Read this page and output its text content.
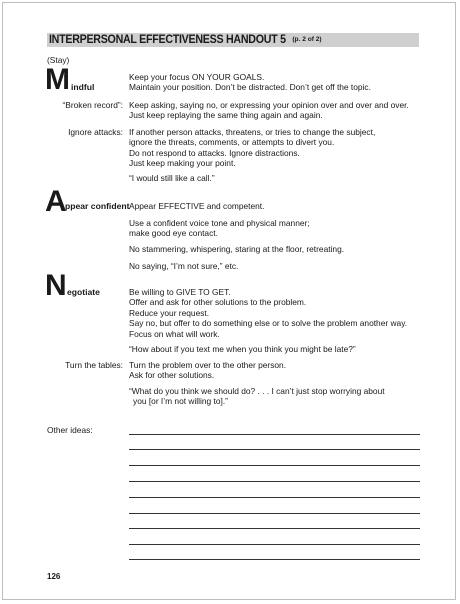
INTERPERSONAL EFFECTIVENESS HANDOUT 5 (p. 2 of 2)
(Stay)
M indful
Keep your focus ON YOUR GOALS.
Maintain your position. Don’t be distracted. Don’t get off the topic.
“Broken record”: Keep asking, saying no, or expressing your opinion over and over and over.
Just keep replaying the same thing again and again.
Ignore attacks: If another person attacks, threatens, or tries to change the subject,
ignore the threats, comments, or attempts to divert you.
Do not respond to attacks. Ignore distractions.
Just keep making your point.
“I would still like a call.”
A ppear confident Appear EFFECTIVE and competent.
Use a confident voice tone and physical manner;
make good eye contact.
No stammering, whispering, staring at the floor, retreating.
No saying, “I’m not sure,” etc.
N egotiate	Be willing to GIVE TO GET.
Offer and ask for other solutions to the problem.
Reduce your request.
Say no, but offer to do something else or to solve the problem another way.
Focus on what will work.
“How about if you text me when you think you might be late?”
Turn the tables: Turn the problem over to the other person.
Ask for other solutions.
“What do you think we should do? . . . I can’t just stop worrying about
you [or I’m not willing to].”
Other ideas:
126
